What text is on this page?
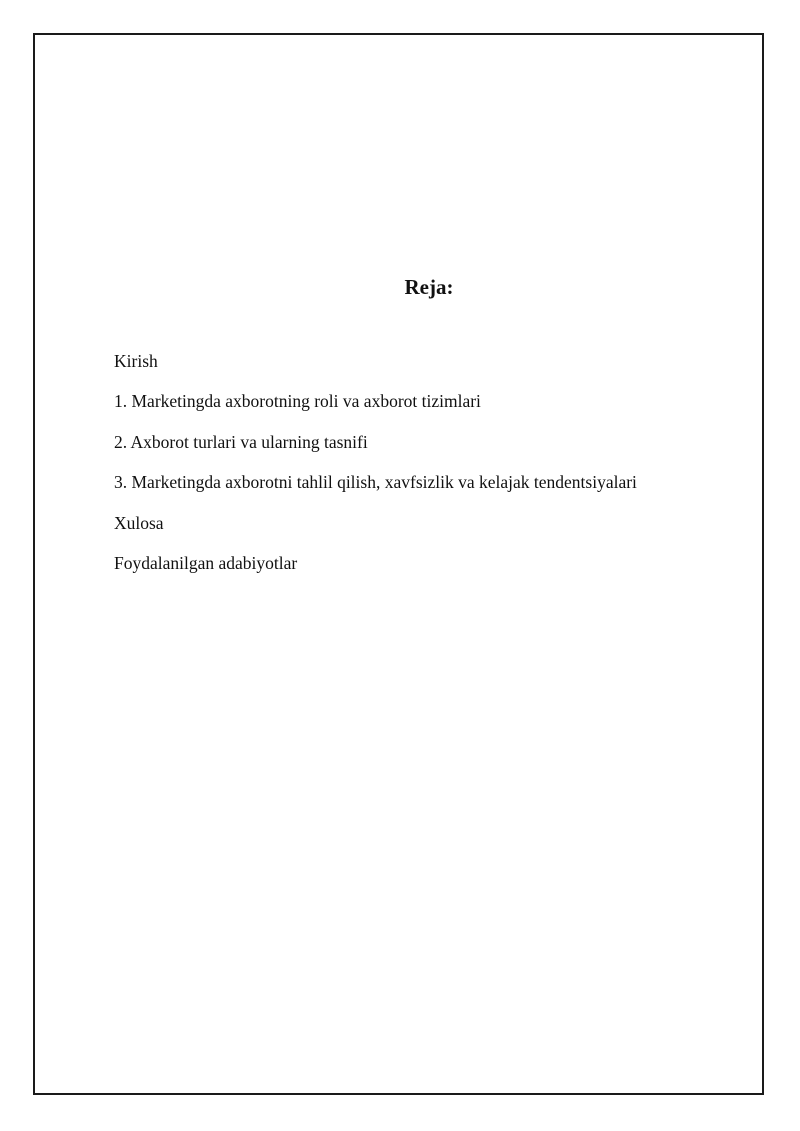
Reja:
Kirish
1. Marketingda axborotning roli va axborot tizimlari
2. Axborot turlari va ularning tasnifi
3. Marketingda axborotni tahlil qilish, xavfsizlik va kelajak tendentsiyalari
Xulosa
Foydalanilgan adabiyotlar
